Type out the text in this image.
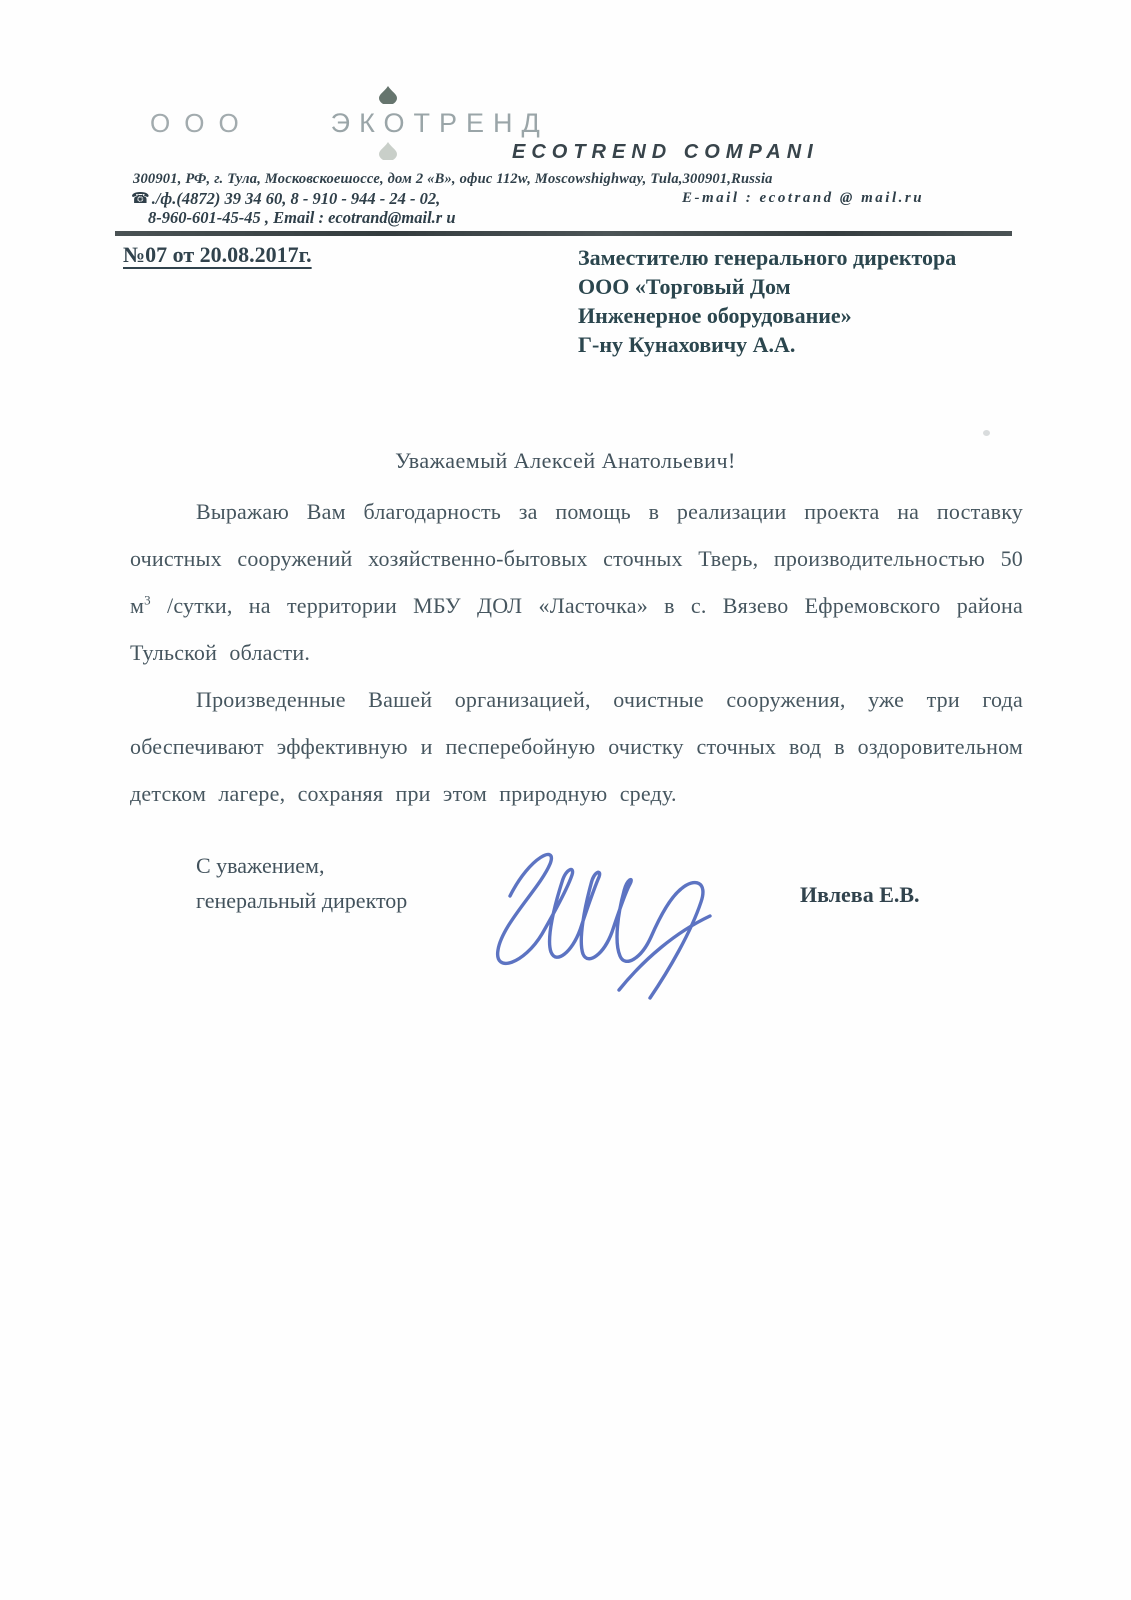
ООО	ЭКОТРЕНД
ECOTREND COMPANI
300901, РФ, г. Тула, Московскоешоссе, дом 2 «В», офис 112w, Moscowshighway, Tula,300901,Russia
☎ ./ф.(4872) 39 34 60, 8 - 910 - 944 - 24 - 02,	E-mail : ecotrand @ mail.ru
8-960-601-45-45 , Email : ecotrand@mail.r u
№07 от 20.08.2017г.	Заместителю генерального директора
ООО «Торговый Дом
Инженерное оборудование»
Г-ну Кунаховичу А.А.
Уважаемый Алексей Анатольевич!

Выражаю Вам благодарность за помощь в реализации проекта на поставку очистных сооружений хозяйственно-бытовых сточных Тверь, производительностью 50 $м^3$ /сутки, на территории МБУ ДОЛ «Ласточка» в с. Вязево Ефремовского района Тульской области.

Произведенные Вашей организацией, очистные сооружения, уже три года обеспечивают эффективную и песперебойную очистку сточных вод в оздоровительном детском лагере, сохраняя при этом природную среду.

С уважением,
генеральный директор	Ивлева Е.В.
